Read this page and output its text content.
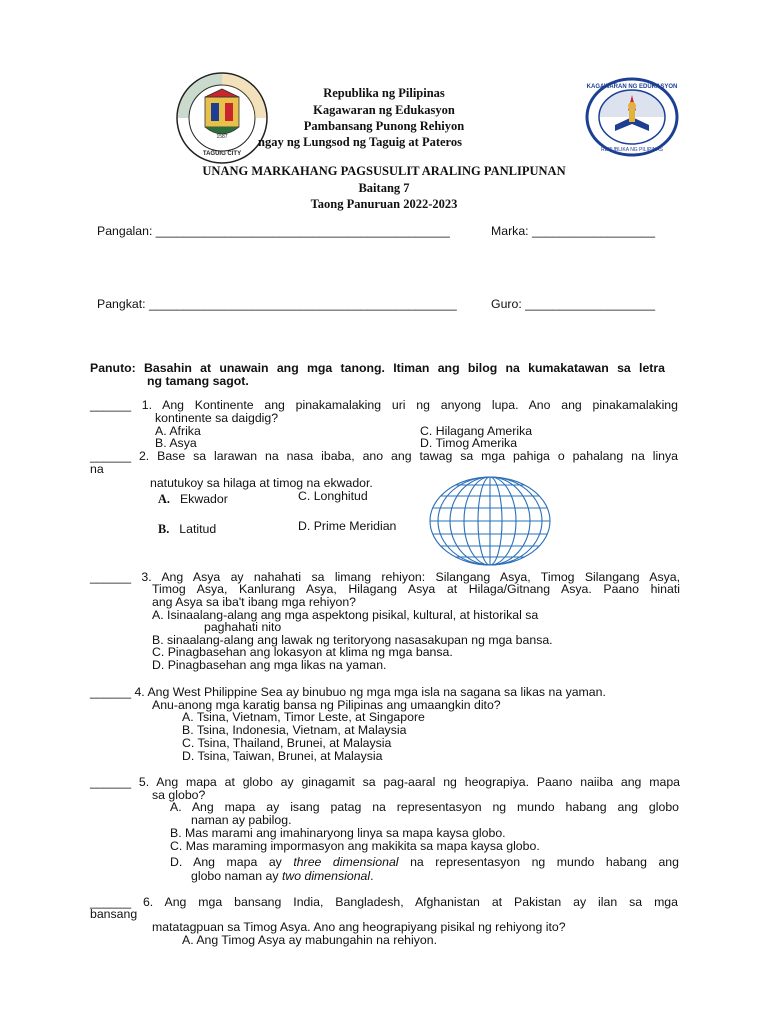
1587
TAGUIG CITY
KAGAWARAN NG EDUKASYON
REPUBLIKA NG PILIPINAS
Republika ng Pilipinas
Kagawaran ng Edukasyon
Pambansang Punong Rehiyon
ngay ng Lungsod ng Taguig at Pateros
UNANG MARKAHANG PAGSUSULIT ARALING PANLIPUNAN
Baitang 7
Taong Panuruan 2022-2023
Pangalan: ___________________________________________	Marka: __________________
Pangkat: _____________________________________________	Guro: ___________________
Panuto: Basahin at unawain ang mga tanong. Itiman ang bilog na kumakatawan sa letra
ng tamang sagot.
______ 1. Ang Kontinente ang pinakamalaking uri ng anyong lupa. Ano ang pinakamalaking
kontinente sa daigdig?
A. Afrika	C. Hilagang Amerika
B. Asya	D. Timog Amerika
______ 2. Base sa larawan na nasa ibaba, ano ang tawag sa mga pahiga o pahalang na linya
na
natutukoy sa hilaga at timog na ekwador.
A. Ekwador	C. Longhitud
B. Latitud	D. Prime Meridian
______ 3. Ang Asya ay nahahati sa limang rehiyon: Silangang Asya, Timog Silangang Asya,
Timog Asya, Kanlurang Asya, Hilagang Asya at Hilaga/Gitnang Asya. Paano hinati
ang Asya sa iba't ibang mga rehiyon?
A. Isinaalang-alang ang mga aspektong pisikal, kultural, at historikal sa
paghahati nito
B. sinaalang-alang ang lawak ng teritoryong nasasakupan ng mga bansa.
C. Pinagbasehan ang lokasyon at klima ng mga bansa.
D. Pinagbasehan ang mga likas na yaman.
______ 4. Ang West Philippine Sea ay binubuo ng mga mga isla na sagana sa likas na yaman.
Anu-anong mga karatig bansa ng Pilipinas ang umaangkin dito?
A. Tsina, Vietnam, Timor Leste, at Singapore
B. Tsina, Indonesia, Vietnam, at Malaysia
C. Tsina, Thailand, Brunei, at Malaysia
D. Tsina, Taiwan, Brunei, at Malaysia
______ 5. Ang mapa at globo ay ginagamit sa pag-aaral ng heograpiya. Paano naiiba ang mapa
sa globo?
A. Ang mapa ay isang patag na representasyon ng mundo habang ang globo
naman ay pabilog.
B. Mas marami ang imahinaryong linya sa mapa kaysa globo.
C. Mas maraming impormasyon ang makikita sa mapa kaysa globo.
D. Ang mapa ay three dimensional na representasyon ng mundo habang ang
globo naman ay two dimensional.
______ 6. Ang mga bansang India, Bangladesh, Afghanistan at Pakistan ay ilan sa mga
bansang
matatagpuan sa Timog Asya. Ano ang heograpiyang pisikal ng rehiyong ito?
A. Ang Timog Asya ay mabungahin na rehiyon.
